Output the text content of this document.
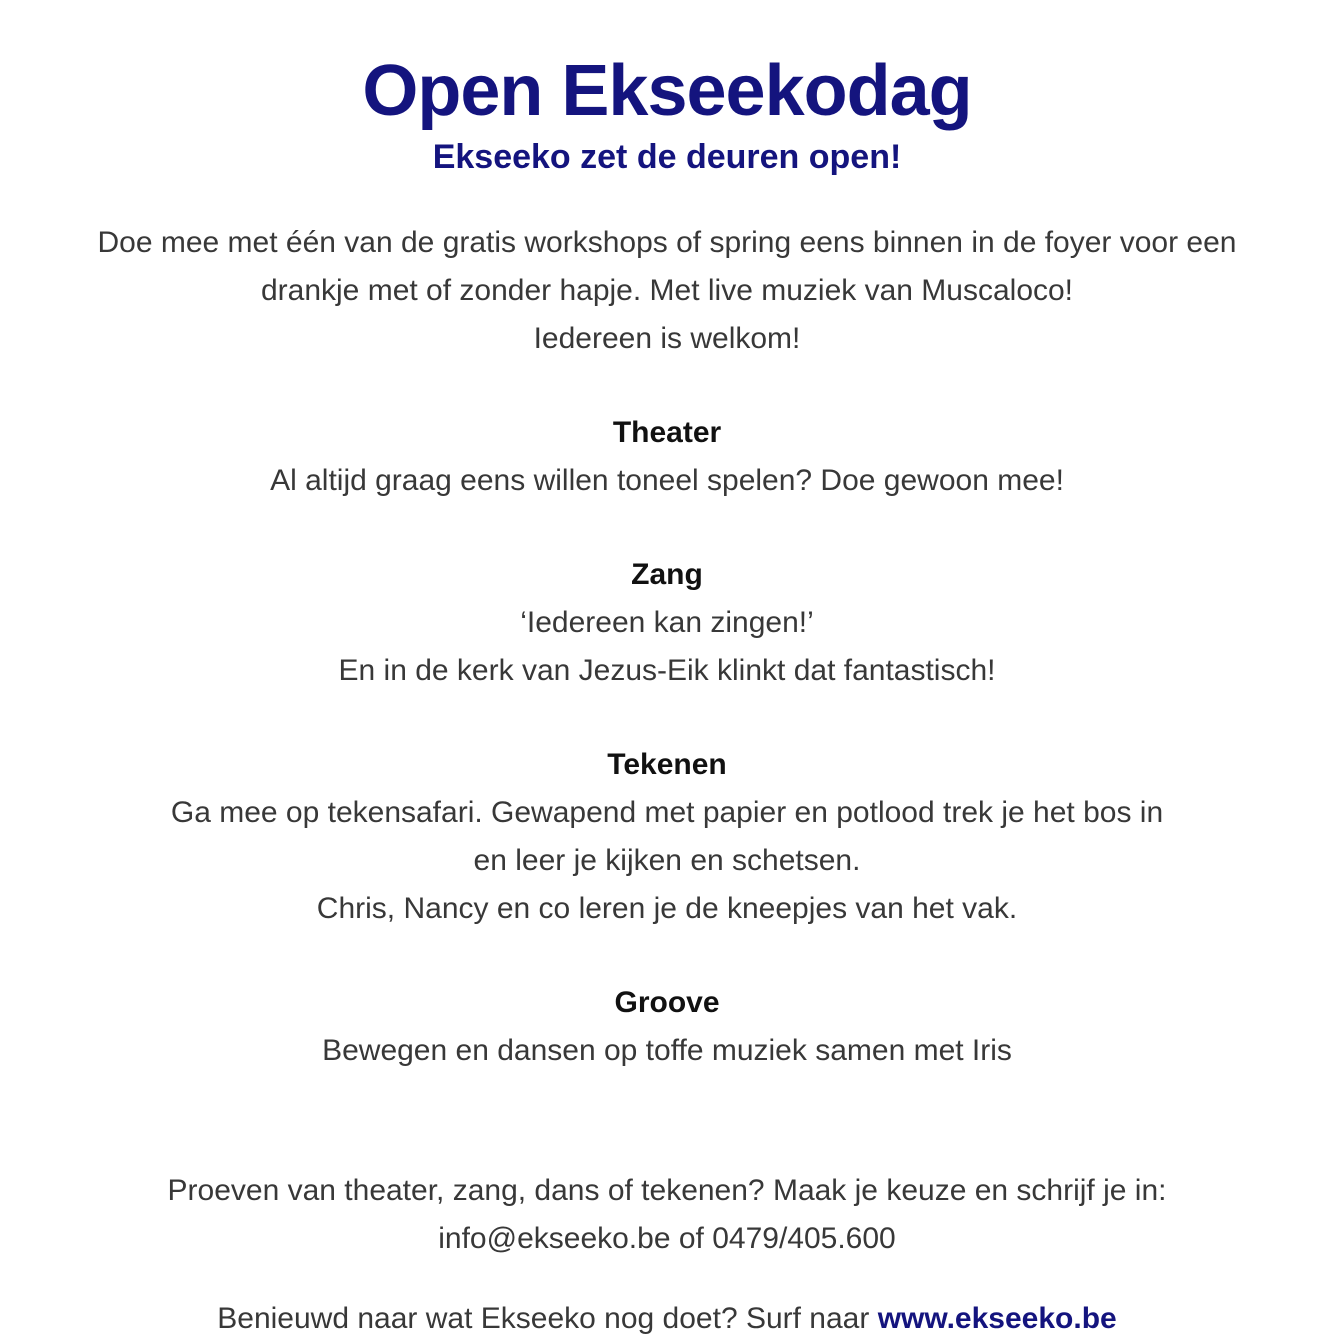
Open Ekseekodag
Ekseeko zet de deuren open!

Doe mee met één van de gratis workshops of spring eens binnen in de foyer voor een

drankje met of zonder hapje. Met live muziek van Muscaloco!

Iedereen is welkom!

Theater

Al altijd graag eens willen toneel spelen? Doe gewoon mee!

Zang

‘Iedereen kan zingen!’

En in de kerk van Jezus-Eik klinkt dat fantastisch!

Tekenen

Ga mee op tekensafari. Gewapend met papier en potlood trek je het bos in

en leer je kijken en schetsen.

Chris, Nancy en co leren je de kneepjes van het vak.

Groove

Bewegen en dansen op toffe muziek samen met Iris

Proeven van theater, zang, dans of tekenen? Maak je keuze en schrijf je in:

info@ekseeko.be of 0479/405.600

Benieuwd naar wat Ekseeko nog doet? Surf naar www.ekseeko.be
